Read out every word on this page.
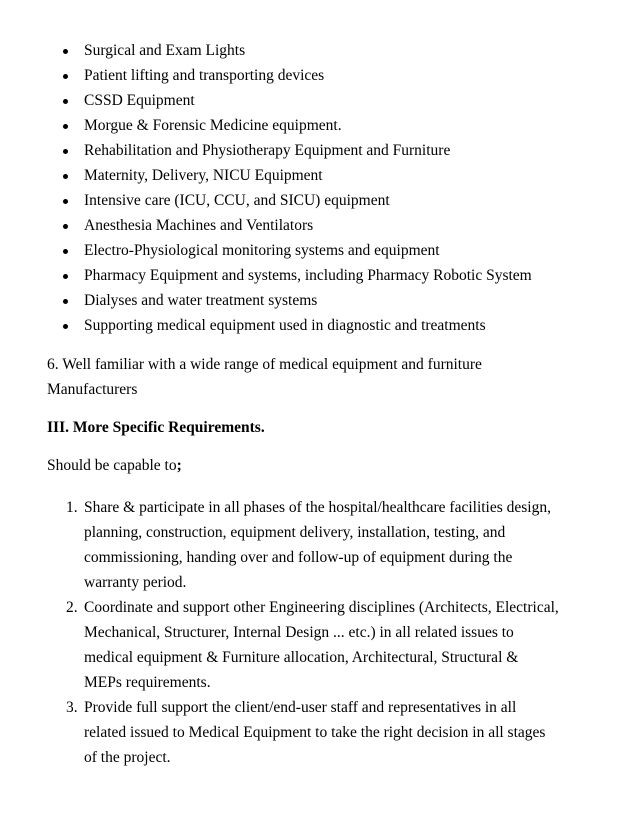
Surgical and Exam Lights
Patient lifting and transporting devices
CSSD Equipment
Morgue & Forensic Medicine equipment.
Rehabilitation and Physiotherapy Equipment and Furniture
Maternity, Delivery, NICU Equipment
Intensive care (ICU, CCU, and SICU) equipment
Anesthesia Machines and Ventilators
Electro-Physiological monitoring systems and equipment
Pharmacy Equipment and systems, including Pharmacy Robotic System
Dialyses and water treatment systems
Supporting medical equipment used in diagnostic and treatments
6. Well familiar with a wide range of medical equipment and furniture
Manufacturers
III. More Specific Requirements.
Should be capable to;
1. Share & participate in all phases of the hospital/healthcare facilities design,
planning, construction, equipment delivery, installation, testing, and
commissioning, handing over and follow-up of equipment during the
warranty period.
2. Coordinate and support other Engineering disciplines (Architects, Electrical,
Mechanical, Structurer, Internal Design ... etc.) in all related issues to
medical equipment & Furniture allocation, Architectural, Structural &
MEPs requirements.
3. Provide full support the client/end-user staff and representatives in all
related issued to Medical Equipment to take the right decision in all stages
of the project.
